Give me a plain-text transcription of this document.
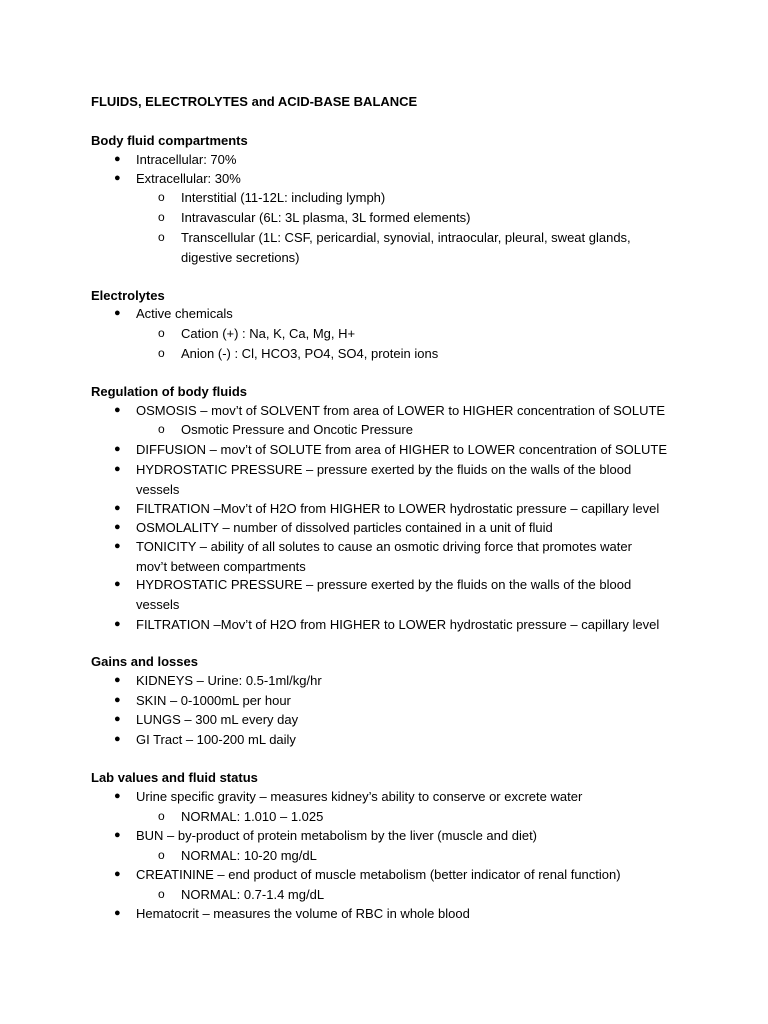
FLUIDS, ELECTROLYTES and ACID-BASE BALANCE
Body fluid compartments
● Intracellular: 70%
● Extracellular: 30%
o Interstitial (11-12L: including lymph)
o Intravascular (6L: 3L plasma, 3L formed elements)
o Transcellular (1L: CSF, pericardial, synovial, intraocular, pleural, sweat glands,
digestive secretions)
Electrolytes
● Active chemicals
o Cation (+) : Na, K, Ca, Mg, H+
o Anion (-) : Cl, HCO3, PO4, SO4, protein ions
Regulation of body fluids
● OSMOSIS – mov’t of SOLVENT from area of LOWER to HIGHER concentration of SOLUTE
o Osmotic Pressure and Oncotic Pressure
● DIFFUSION – mov’t of SOLUTE from area of HIGHER to LOWER concentration of SOLUTE
● HYDROSTATIC PRESSURE – pressure exerted by the fluids on the walls of the blood
vessels
● FILTRATION –Mov’t of H2O from HIGHER to LOWER hydrostatic pressure – capillary level
● OSMOLALITY – number of dissolved particles contained in a unit of fluid
● TONICITY – ability of all solutes to cause an osmotic driving force that promotes water
mov’t between compartments
● HYDROSTATIC PRESSURE – pressure exerted by the fluids on the walls of the blood
vessels
● FILTRATION –Mov’t of H2O from HIGHER to LOWER hydrostatic pressure – capillary level
Gains and losses
● KIDNEYS – Urine: 0.5-1ml/kg/hr
● SKIN – 0-1000mL per hour
● LUNGS – 300 mL every day
● GI Tract – 100-200 mL daily
Lab values and fluid status
● Urine specific gravity – measures kidney’s ability to conserve or excrete water
o NORMAL: 1.010 – 1.025
● BUN – by-product of protein metabolism by the liver (muscle and diet)
o NORMAL: 10-20 mg/dL
● CREATININE – end product of muscle metabolism (better indicator of renal function)
o NORMAL: 0.7-1.4 mg/dL
● Hematocrit – measures the volume of RBC in whole blood
